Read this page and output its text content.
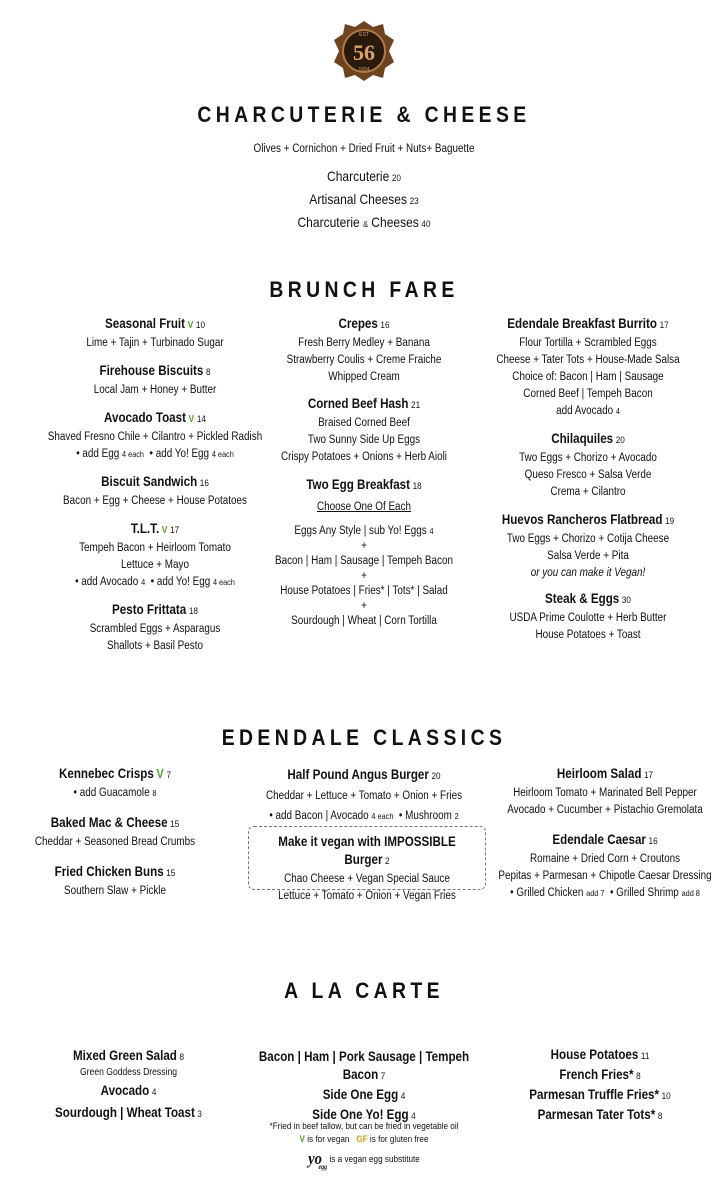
56
EST
1924
CHARCUTERIE & CHEESE
Olives + Cornichon + Dried Fruit + Nuts+ Baguette
Charcuterie 20
Artisanal Cheeses 23
Charcuterie & Cheeses 40
BRUNCH FARE
Seasonal Fruit V 10
Lime + Tajin + Turbinado Sugar
Firehouse Biscuits 8
Local Jam + Honey + Butter
Avocado Toast V 14
Shaved Fresno Chile + Cilantro + Pickled Radish
• add Egg 4 each • add Yo! Egg 4 each
Biscuit Sandwich 16
Bacon + Egg + Cheese + House Potatoes
T.L.T. V 17
Tempeh Bacon + Heirloom Tomato
Lettuce + Mayo
• add Avocado 4 • add Yo! Egg 4 each
Pesto Frittata 18
Scrambled Eggs + Asparagus
Shallots + Basil Pesto
Crepes 16
Fresh Berry Medley + Banana
Strawberry Coulis + Creme Fraiche
Whipped Cream
Corned Beef Hash 21
Braised Corned Beef
Two Sunny Side Up Eggs
Crispy Potatoes + Onions + Herb Aioli
Two Egg Breakfast 18
Choose One Of Each
Eggs Any Style | sub Yo! Eggs 4
+
Bacon | Ham | Sausage | Tempeh Bacon
+
House Potatoes | Fries* | Tots* | Salad
+
Sourdough | Wheat | Corn Tortilla
Edendale Breakfast Burrito 17
Flour Tortilla + Scrambled Eggs
Cheese + Tater Tots + House-Made Salsa
Choice of: Bacon | Ham | Sausage
Corned Beef | Tempeh Bacon
add Avocado 4
Chilaquiles 20
Two Eggs + Chorizo + Avocado
Queso Fresco + Salsa Verde
Crema + Cilantro
Huevos Rancheros Flatbread 19
Two Eggs + Chorizo + Cotija Cheese
Salsa Verde + Pita
or you can make it Vegan!
Steak & Eggs 30
USDA Prime Coulotte + Herb Butter
House Potatoes + Toast
EDENDALE CLASSICS
Kennebec Crisps V 7
• add Guacamole 8
Baked Mac & Cheese 15
Cheddar + Seasoned Bread Crumbs
Fried Chicken Buns 15
Southern Slaw + Pickle
Half Pound Angus Burger 20
Cheddar + Lettuce + Tomato + Onion + Fries
• add Bacon | Avocado 4 each • Mushroom 2
Make it vegan with IMPOSSIBLE Burger 2
Chao Cheese + Vegan Special Sauce
Lettuce + Tomato + Onion + Vegan Fries
Heirloom Salad 17
Heirloom Tomato + Marinated Bell Pepper
Avocado + Cucumber + Pistachio Gremolata
Edendale Caesar 16
Romaine + Dried Corn + Croutons
Pepitas + Parmesan + Chipotle Caesar Dressing
• Grilled Chicken add 7 • Grilled Shrimp add 8
A LA CARTE
Mixed Green Salad 8
Green Goddess Dressing
Avocado 4
Sourdough | Wheat Toast 3
Bacon | Ham | Pork Sausage | Tempeh Bacon 7
Side One Egg 4
Side One Yo! Egg 4
*Fried in beef tallow, but can be fried in vegetable oil
V is for vegan GF is for gluten free
$yo_{egg}$ is a vegan egg substitute
House Potatoes 11
French Fries* 8
Parmesan Truffle Fries* 10
Parmesan Tater Tots* 8
